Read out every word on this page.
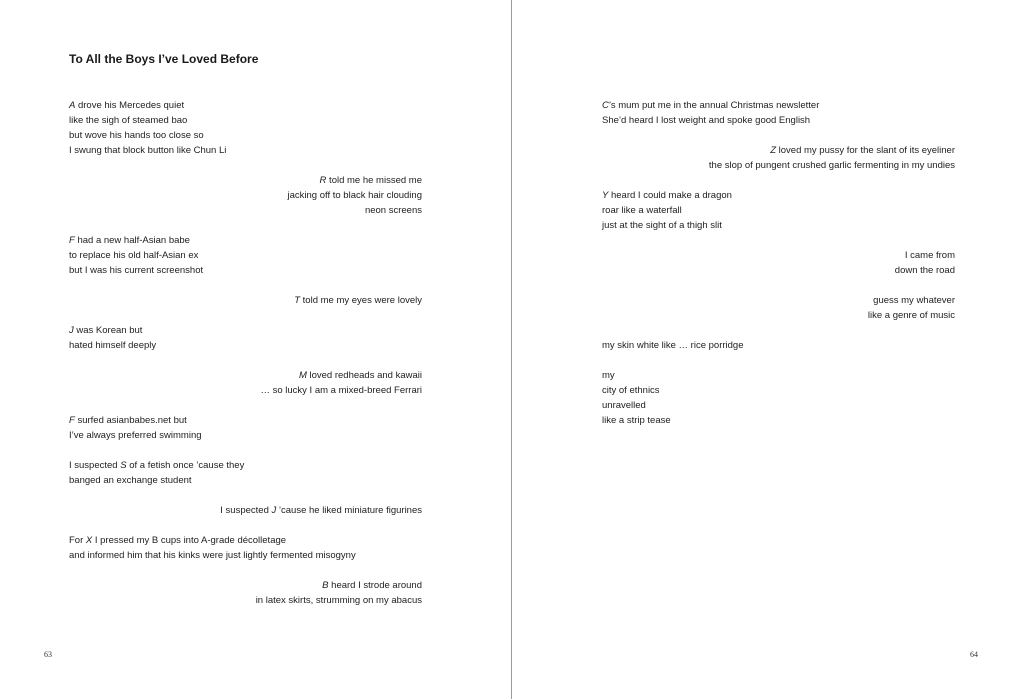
To All the Boys I’ve Loved Before
A drove his Mercedes quiet
like the sigh of steamed bao
but wove his hands too close so
I swung that block button like Chun Li
R told me he missed me
jacking off to black hair clouding
neon screens
F had a new half-Asian babe
to replace his old half-Asian ex
but I was his current screenshot
T told me my eyes were lovely
J was Korean but
hated himself deeply
M loved redheads and kawaii
… so lucky I am a mixed-breed Ferrari
F surfed asianbabes.net but
I’ve always preferred swimming
I suspected S of a fetish once ’cause they
banged an exchange student
I suspected J ’cause he liked miniature figurines
For X I pressed my B cups into A-grade décolletage
and informed him that his kinks were just lightly fermented misogyny
B heard I strode around
in latex skirts, strumming on my abacus
63
C’s mum put me in the annual Christmas newsletter
She’d heard I lost weight and spoke good English
Z loved my pussy for the slant of its eyeliner
the slop of pungent crushed garlic fermenting in my undies
Y heard I could make a dragon
roar like a waterfall
just at the sight of a thigh slit
I came from
down the road
guess my whatever
like a genre of music
my skin white like … rice porridge
my
city of ethnics
unravelled
like a strip tease
64
